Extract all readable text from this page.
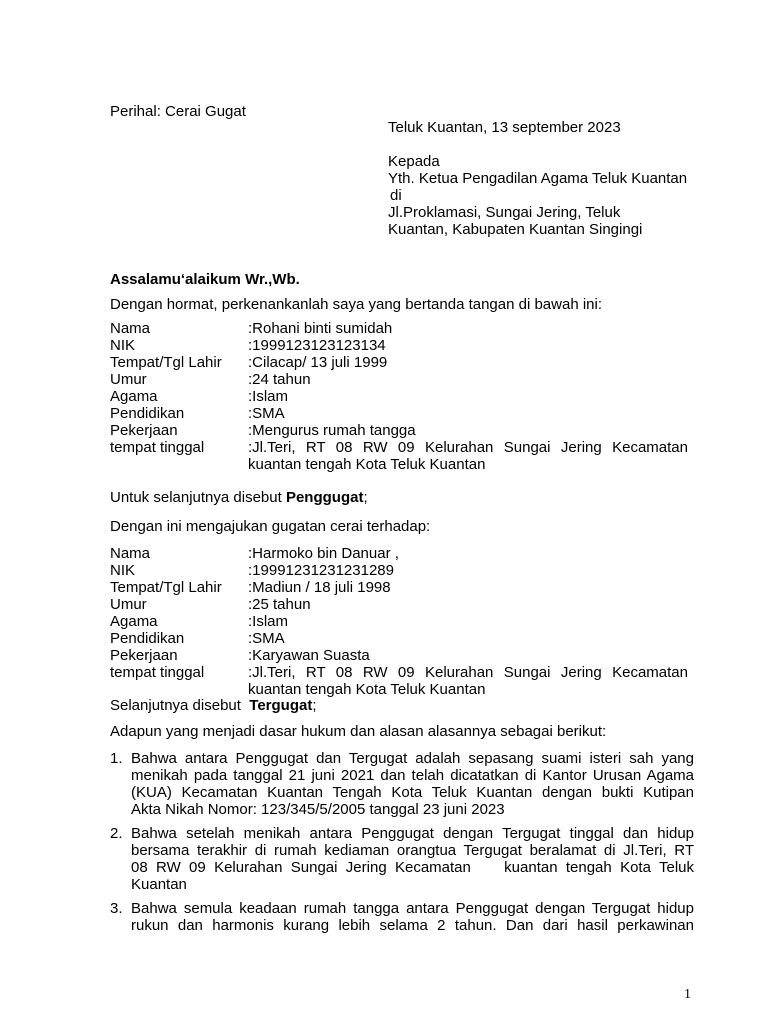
Perihal: Cerai Gugat
Teluk Kuantan, 13 september 2023
Kepada
Yth. Ketua Pengadilan Agama Teluk Kuantan
di
Jl.Proklamasi, Sungai Jering, Teluk
Kuantan, Kabupaten Kuantan Singingi
Assalamu‘alaikum Wr.,Wb.
Dengan hormat, perkenankanlah saya yang bertanda tangan di bawah ini:
Nama	:Rohani binti sumidah
NIK	:1999123123123134
Tempat/Tgl Lahir	:Cilacap/ 13 juli 1999
Umur	:24 tahun
Agama	:Islam
Pendidikan	:SMA
Pekerjaan	:Mengurus rumah tangga
tempat tinggal	:Jl.Teri, RT 08 RW 09 Kelurahan Sungai Jering Kecamatan
kuantan tengah Kota Teluk Kuantan
Untuk selanjutnya disebut Penggugat;
Dengan ini mengajukan gugatan cerai terhadap:
Nama	:Harmoko bin Danuar ,
NIK	:19991231231231289
Tempat/Tgl Lahir	:Madiun / 18 juli 1998
Umur	:25 tahun
Agama	:Islam
Pendidikan	:SMA
Pekerjaan	:Karyawan Suasta
tempat tinggal	:Jl.Teri, RT 08 RW 09 Kelurahan Sungai Jering Kecamatan
kuantan tengah Kota Teluk Kuantan
Selanjutnya disebut  Tergugat;
Adapun yang menjadi dasar hukum dan alasan alasannya sebagai berikut:
1. Bahwa antara Penggugat dan Tergugat adalah sepasang suami isteri sah yang
menikah pada tanggal 21 juni 2021 dan telah dicatatkan di Kantor Urusan Agama
(KUA) Kecamatan Kuantan Tengah Kota Teluk Kuantan dengan bukti Kutipan
Akta Nikah Nomor: 123/345/5/2005 tanggal 23 juni 2023
2. Bahwa setelah menikah antara Penggugat dengan Tergugat tinggal dan hidup
bersama terakhir di rumah kediaman orangtua Tergugat beralamat di Jl.Teri, RT
08 RW 09 Kelurahan Sungai Jering Kecamatan    kuantan tengah Kota Teluk
Kuantan
3. Bahwa semula keadaan rumah tangga antara Penggugat dengan Tergugat hidup
rukun dan harmonis kurang lebih selama 2 tahun. Dan dari hasil perkawinan
1
